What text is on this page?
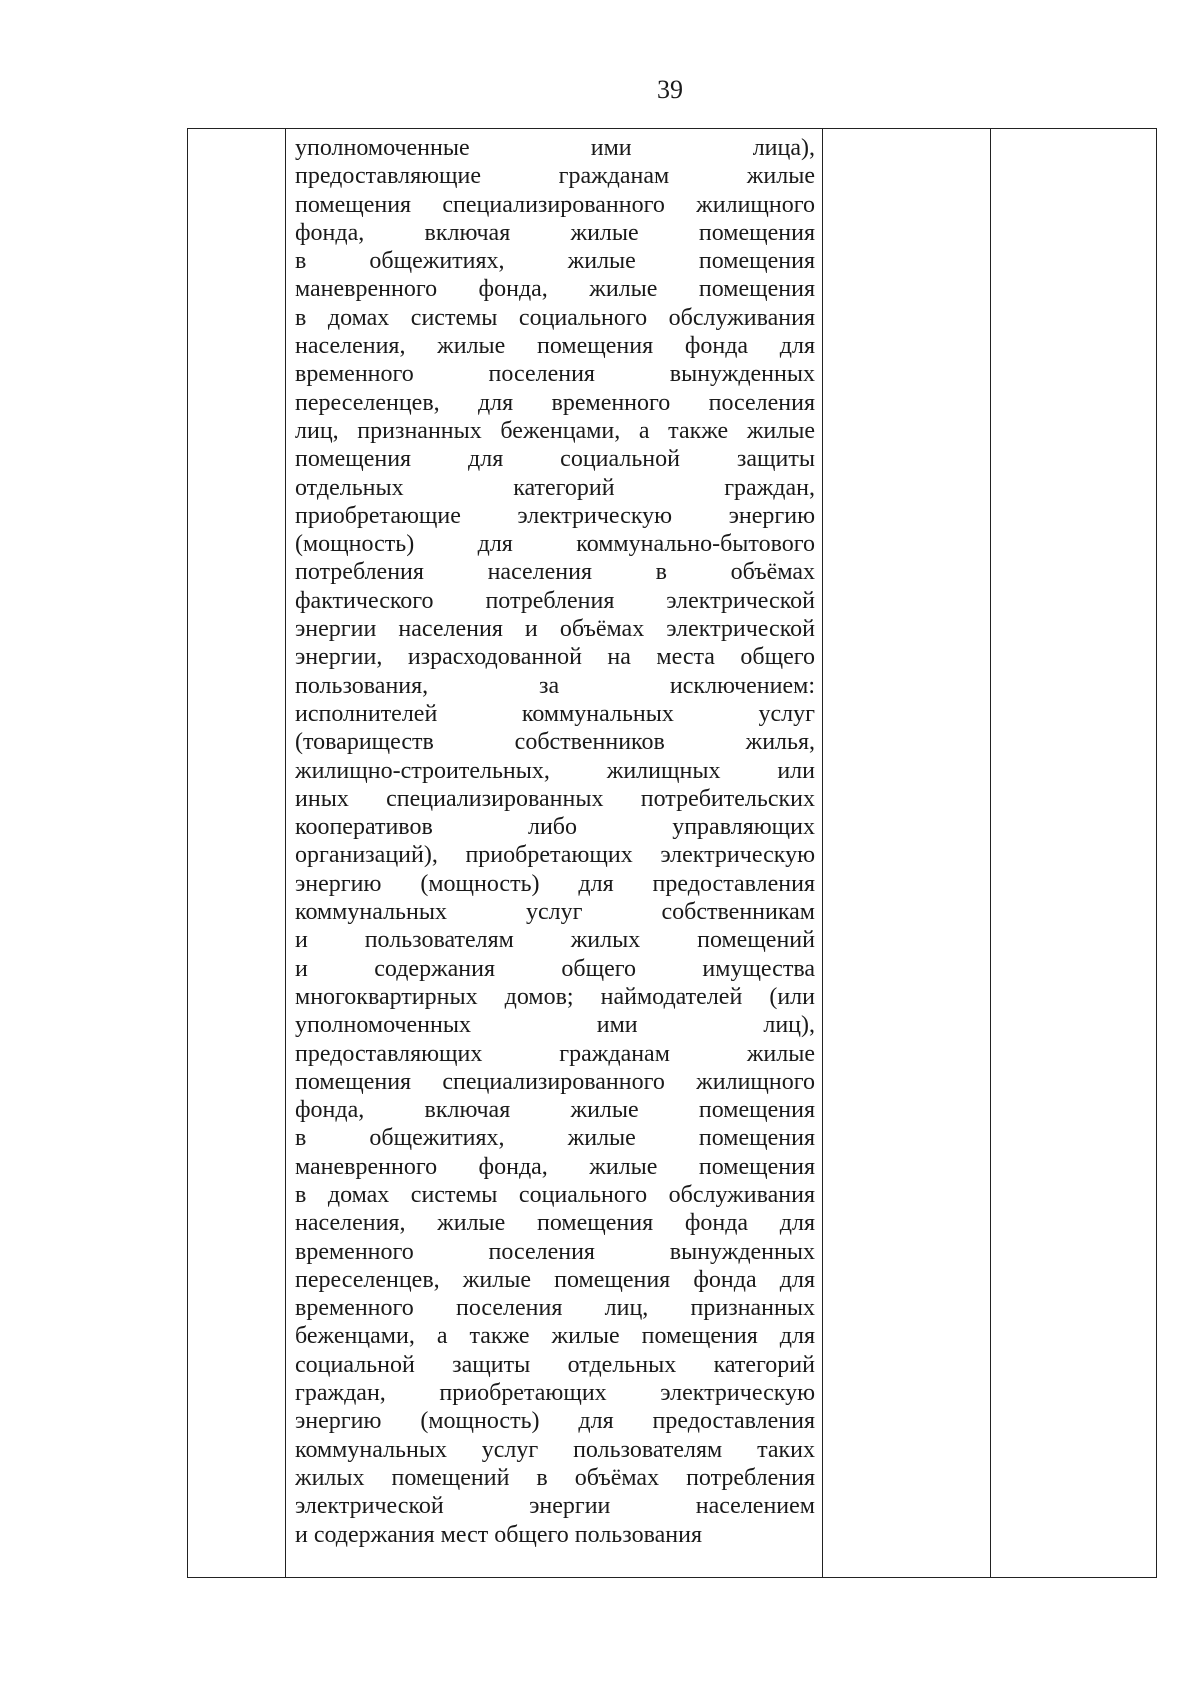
39
уполномоченные ими лица),
предоставляющие гражданам жилые
помещения специализированного жилищного
фонда, включая жилые помещения
в общежитиях, жилые помещения
маневренного фонда, жилые помещения
в домах системы социального обслуживания
населения, жилые помещения фонда для
временного поселения вынужденных
переселенцев, для временного поселения
лиц, признанных беженцами, а также жилые
помещения для социальной защиты
отдельных категорий граждан,
приобретающие электрическую энергию
(мощность) для коммунально-бытового
потребления населения в объёмах
фактического потребления электрической
энергии населения и объёмах электрической
энергии, израсходованной на места общего
пользования, за исключением:
исполнителей коммунальных услуг
(товариществ собственников жилья,
жилищно-строительных, жилищных или
иных специализированных потребительских
кооперативов либо управляющих
организаций), приобретающих электрическую
энергию (мощность) для предоставления
коммунальных услуг собственникам
и пользователям жилых помещений
и содержания общего имущества
многоквартирных домов; наймодателей (или
уполномоченных ими лиц),
предоставляющих гражданам жилые
помещения специализированного жилищного
фонда, включая жилые помещения
в общежитиях, жилые помещения
маневренного фонда, жилые помещения
в домах системы социального обслуживания
населения, жилые помещения фонда для
временного поселения вынужденных
переселенцев, жилые помещения фонда для
временного поселения лиц, признанных
беженцами, а также жилые помещения для
социальной защиты отдельных категорий
граждан, приобретающих электрическую
энергию (мощность) для предоставления
коммунальных услуг пользователям таких
жилых помещений в объёмах потребления
электрической энергии населением
и содержания мест общего пользования
